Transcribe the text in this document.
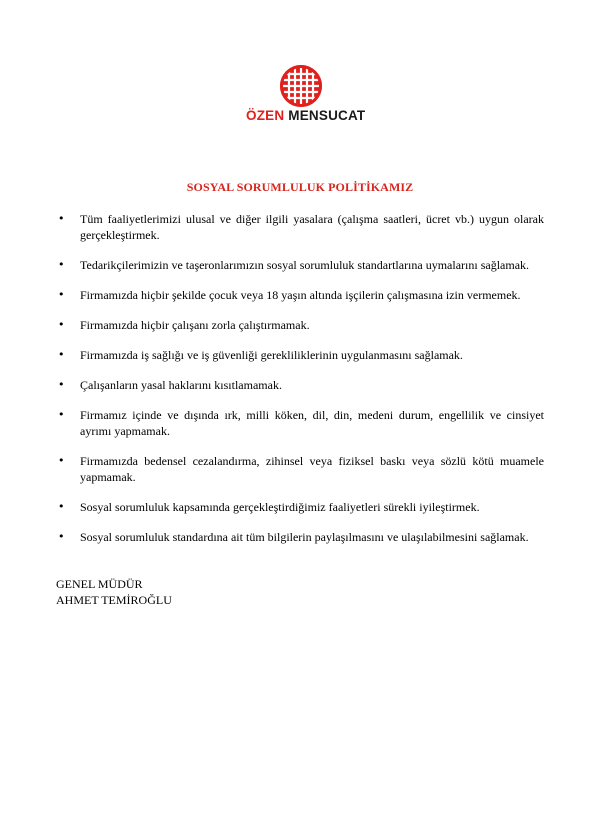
ÖZEN MENSUCAT
SOSYAL SORUMLULUK POLİTİKAMIZ
• Tüm faaliyetlerimizi ulusal ve diğer ilgili yasalara (çalışma saatleri, ücret vb.) uygun olarak gerçekleştirmek.
• Tedarikçilerimizin ve taşeronlarımızın sosyal sorumluluk standartlarına uymalarını sağlamak.
• Firmamızda hiçbir şekilde çocuk veya 18 yaşın altında işçilerin çalışmasına izin vermemek.
• Firmamızda hiçbir çalışanı zorla çalıştırmamak.
• Firmamızda iş sağlığı ve iş güvenliği gerekliliklerinin uygulanmasını sağlamak.
• Çalışanların yasal haklarını kısıtlamamak.
• Firmamız içinde ve dışında ırk, milli köken, dil, din, medeni durum, engellilik ve cinsiyet ayrımı yapmamak.
• Firmamızda bedensel cezalandırma, zihinsel veya fiziksel baskı veya sözlü kötü muamele yapmamak.
• Sosyal sorumluluk kapsamında gerçekleştirdiğimiz faaliyetleri sürekli iyileştirmek.
• Sosyal sorumluluk standardına ait tüm bilgilerin paylaşılmasını ve ulaşılabilmesini sağlamak.
GENEL MÜDÜR
AHMET TEMİROĞLU
